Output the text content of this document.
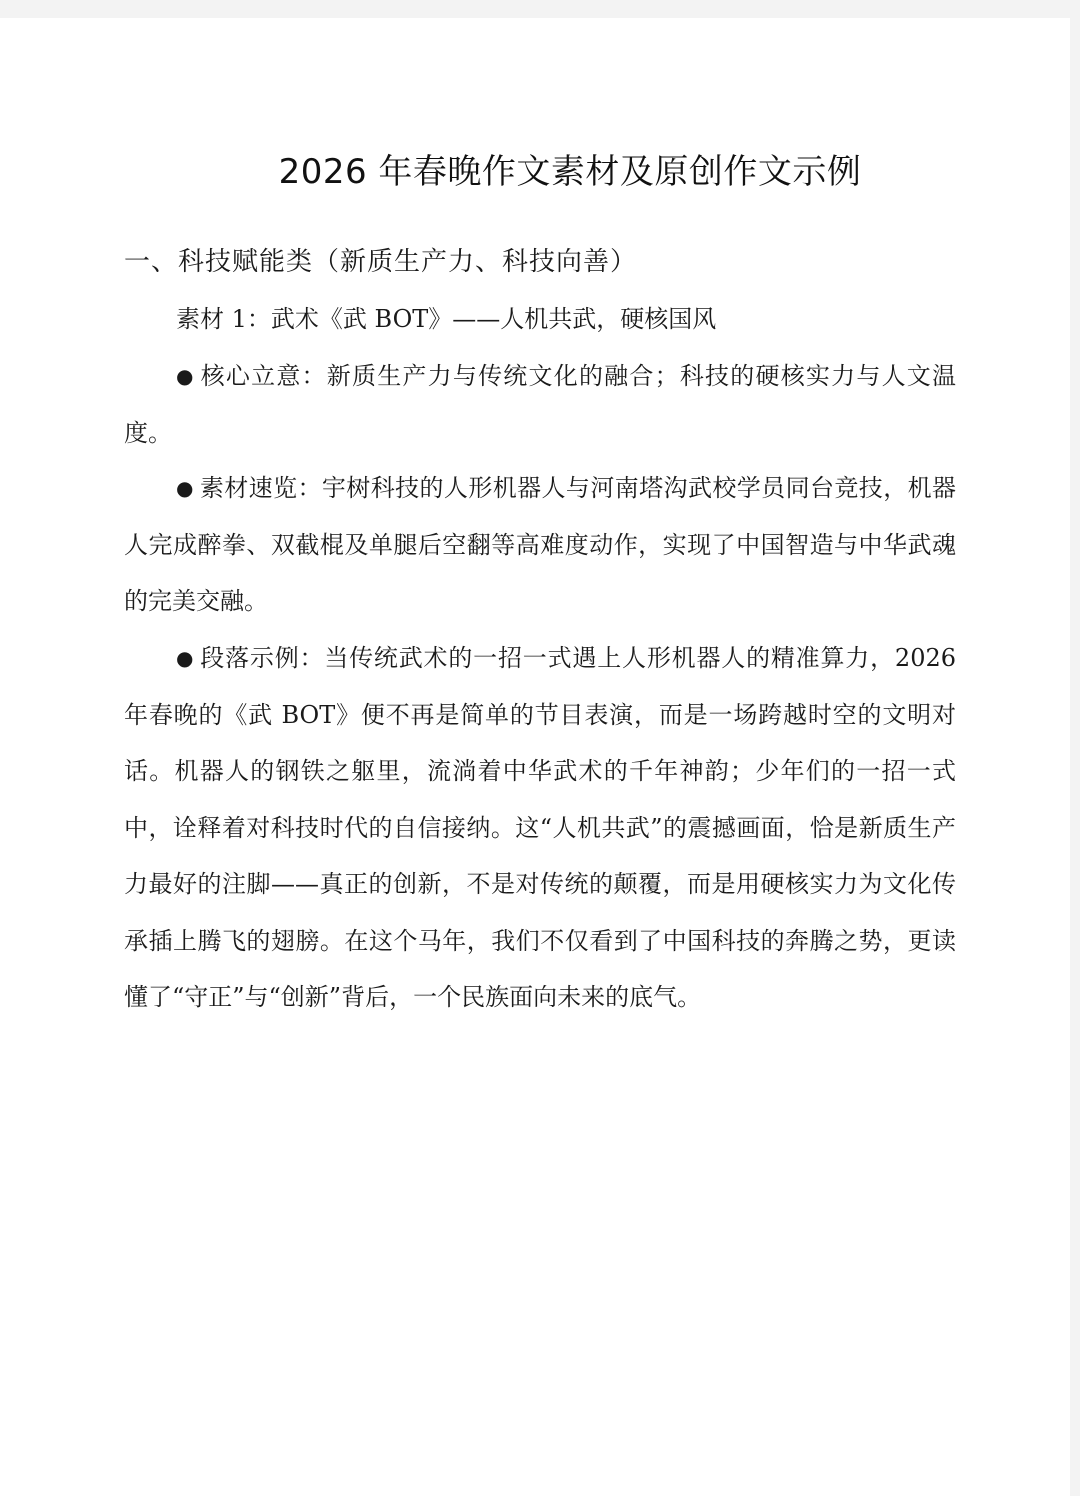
2026 年春晚作文素材及原创作文示例
一、科技赋能类（新质生产力、科技向善）
素材 1：武术《武 BOT》——人机共武，硬核国风

● 核心立意：新质生产力与传统文化的融合；科技的硬核实力与人文温度。

● 素材速览：宇树科技的人形机器人与河南塔沟武校学员同台竞技，机器人完成醉拳、双截棍及单腿后空翻等高难度动作，实现了中国智造与中华武魂的完美交融。

● 段落示例：当传统武术的一招一式遇上人形机器人的精准算力，2026 年春晚的《武 BOT》便不再是简单的节目表演，而是一场跨越时空的文明对话。机器人的钢铁之躯里，流淌着中华武术的千年神韵；少年们的一招一式中，诠释着对科技时代的自信接纳。这“人机共武”的震撼画面，恰是新质生产力最好的注脚——真正的创新，不是对传统的颠覆，而是用硬核实力为文化传承插上腾飞的翅膀。在这个马年，我们不仅看到了中国科技的奔腾之势，更读懂了“守正”与“创新”背后，一个民族面向未来的底气。
